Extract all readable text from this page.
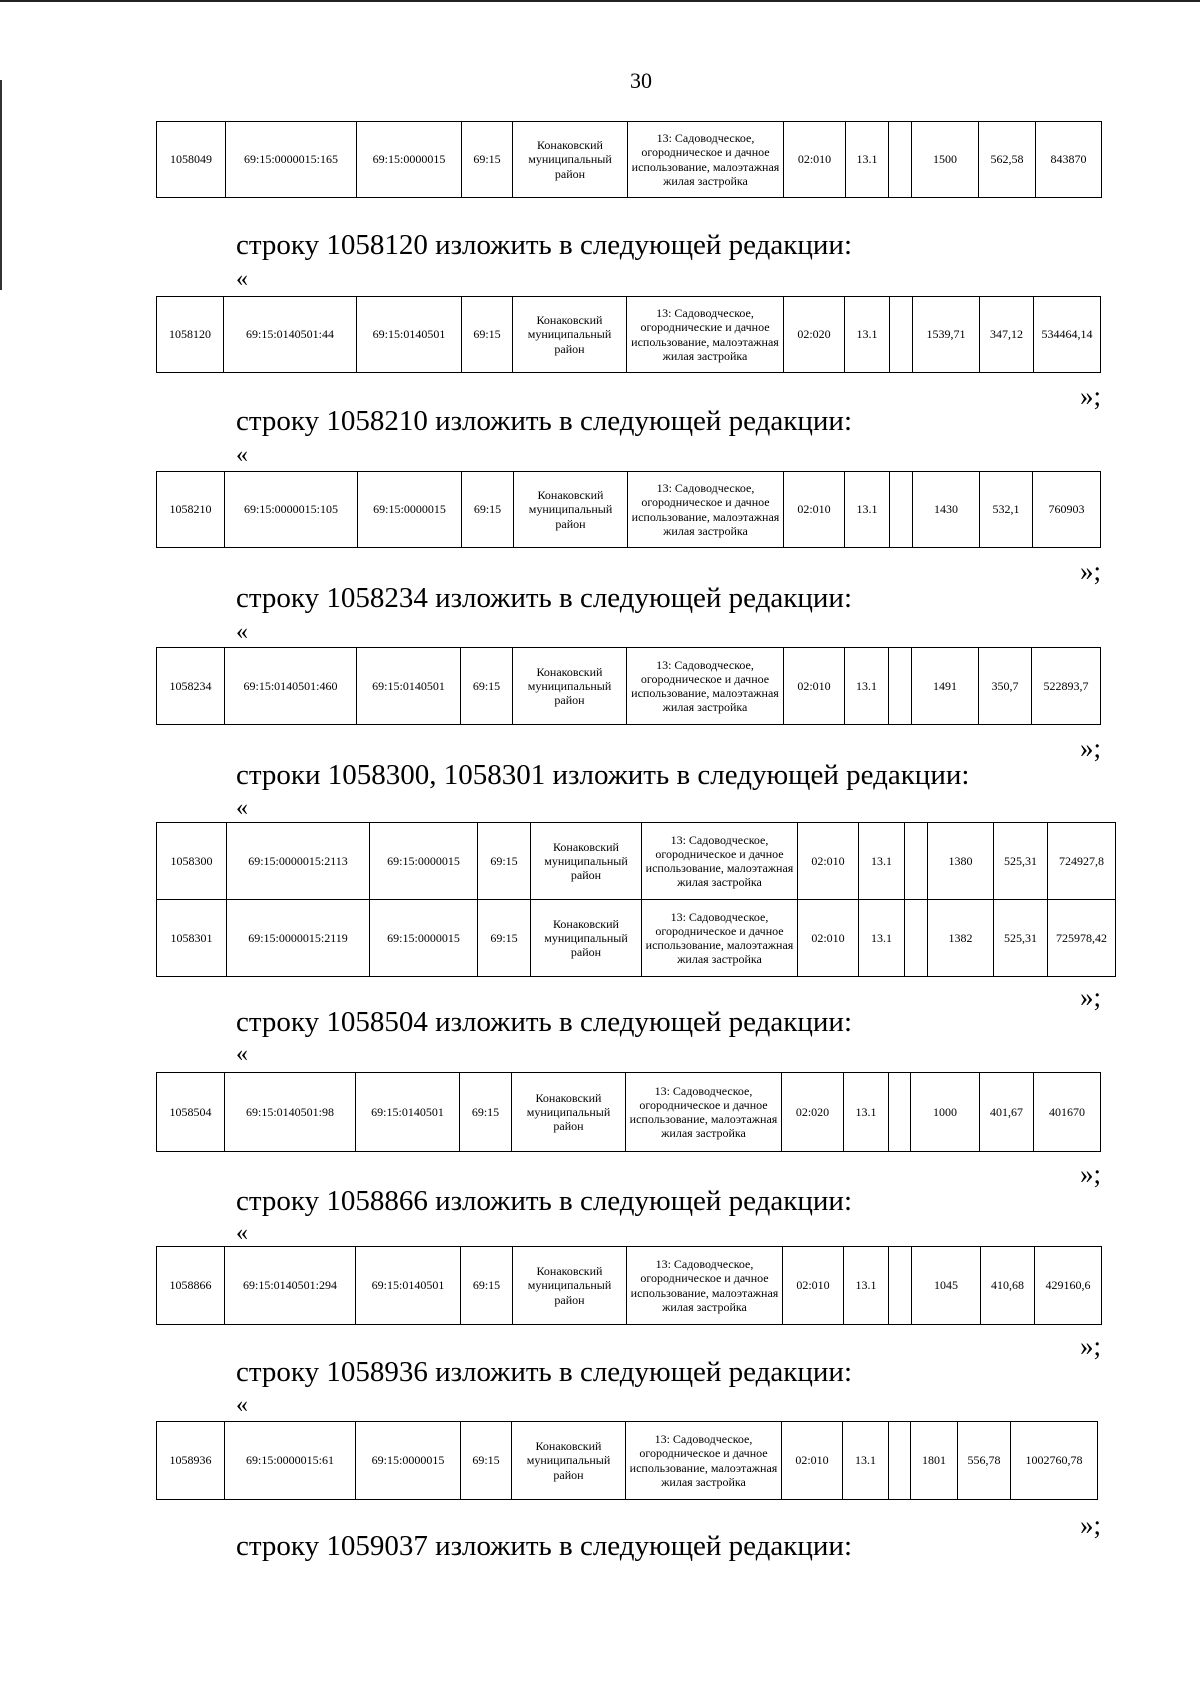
30
1058049	69:15:0000015:165	69:15:0000015	69:15	Конаковский муниципальный район	13: Садоводческое, огородническое и дачное использование, малоэтажная жилая застройка	02:010	13.1		1500	562,58	843870
строку 1058120 изложить в следующей редакции:
«
1058120	69:15:0140501:44	69:15:0140501	69:15	Конаковский муниципальный район	13: Садоводческое, огороднические и дачное использование, малоэтажная жилая застройка	02:020	13.1		1539,71	347,12	534464,14
»;
строку 1058210 изложить в следующей редакции:
«
1058210	69:15:0000015:105	69:15:0000015	69:15	Конаковский муниципальный район	13: Садоводческое, огородническое и дачное использование, малоэтажная жилая застройка	02:010	13.1		1430	532,1	760903
»;
строку 1058234 изложить в следующей редакции:
«
1058234	69:15:0140501:460	69:15:0140501	69:15	Конаковский муниципальный район	13: Садоводческое, огородническое и дачное использование, малоэтажная жилая застройка	02:010	13.1		1491	350,7	522893,7
»;
строки 1058300, 1058301 изложить в следующей редакции:
«
1058300	69:15:0000015:2113	69:15:0000015	69:15	Конаковский муниципальный район	13: Садоводческое, огородническое и дачное использование, малоэтажная жилая застройка	02:010	13.1		1380	525,31	724927,8
1058301	69:15:0000015:2119	69:15:0000015	69:15	Конаковский муниципальный район	13: Садоводческое, огородническое и дачное использование, малоэтажная жилая застройка	02:010	13.1		1382	525,31	725978,42
»;
строку 1058504 изложить в следующей редакции:
«
1058504	69:15:0140501:98	69:15:0140501	69:15	Конаковский муниципальный район	13: Садоводческое, огородническое и дачное использование, малоэтажная жилая застройка	02:020	13.1		1000	401,67	401670
»;
строку 1058866 изложить в следующей редакции:
«
1058866	69:15:0140501:294	69:15:0140501	69:15	Конаковский муниципальный район	13: Садоводческое, огородническое и дачное использование, малоэтажная жилая застройка	02:010	13.1		1045	410,68	429160,6
»;
строку 1058936 изложить в следующей редакции:
«
1058936	69:15:0000015:61	69:15:0000015	69:15	Конаковский муниципальный район	13: Садоводческое, огородническое и дачное использование, малоэтажная жилая застройка	02:010	13.1		1801	556,78	1002760,78
»;
строку 1059037 изложить в следующей редакции:
